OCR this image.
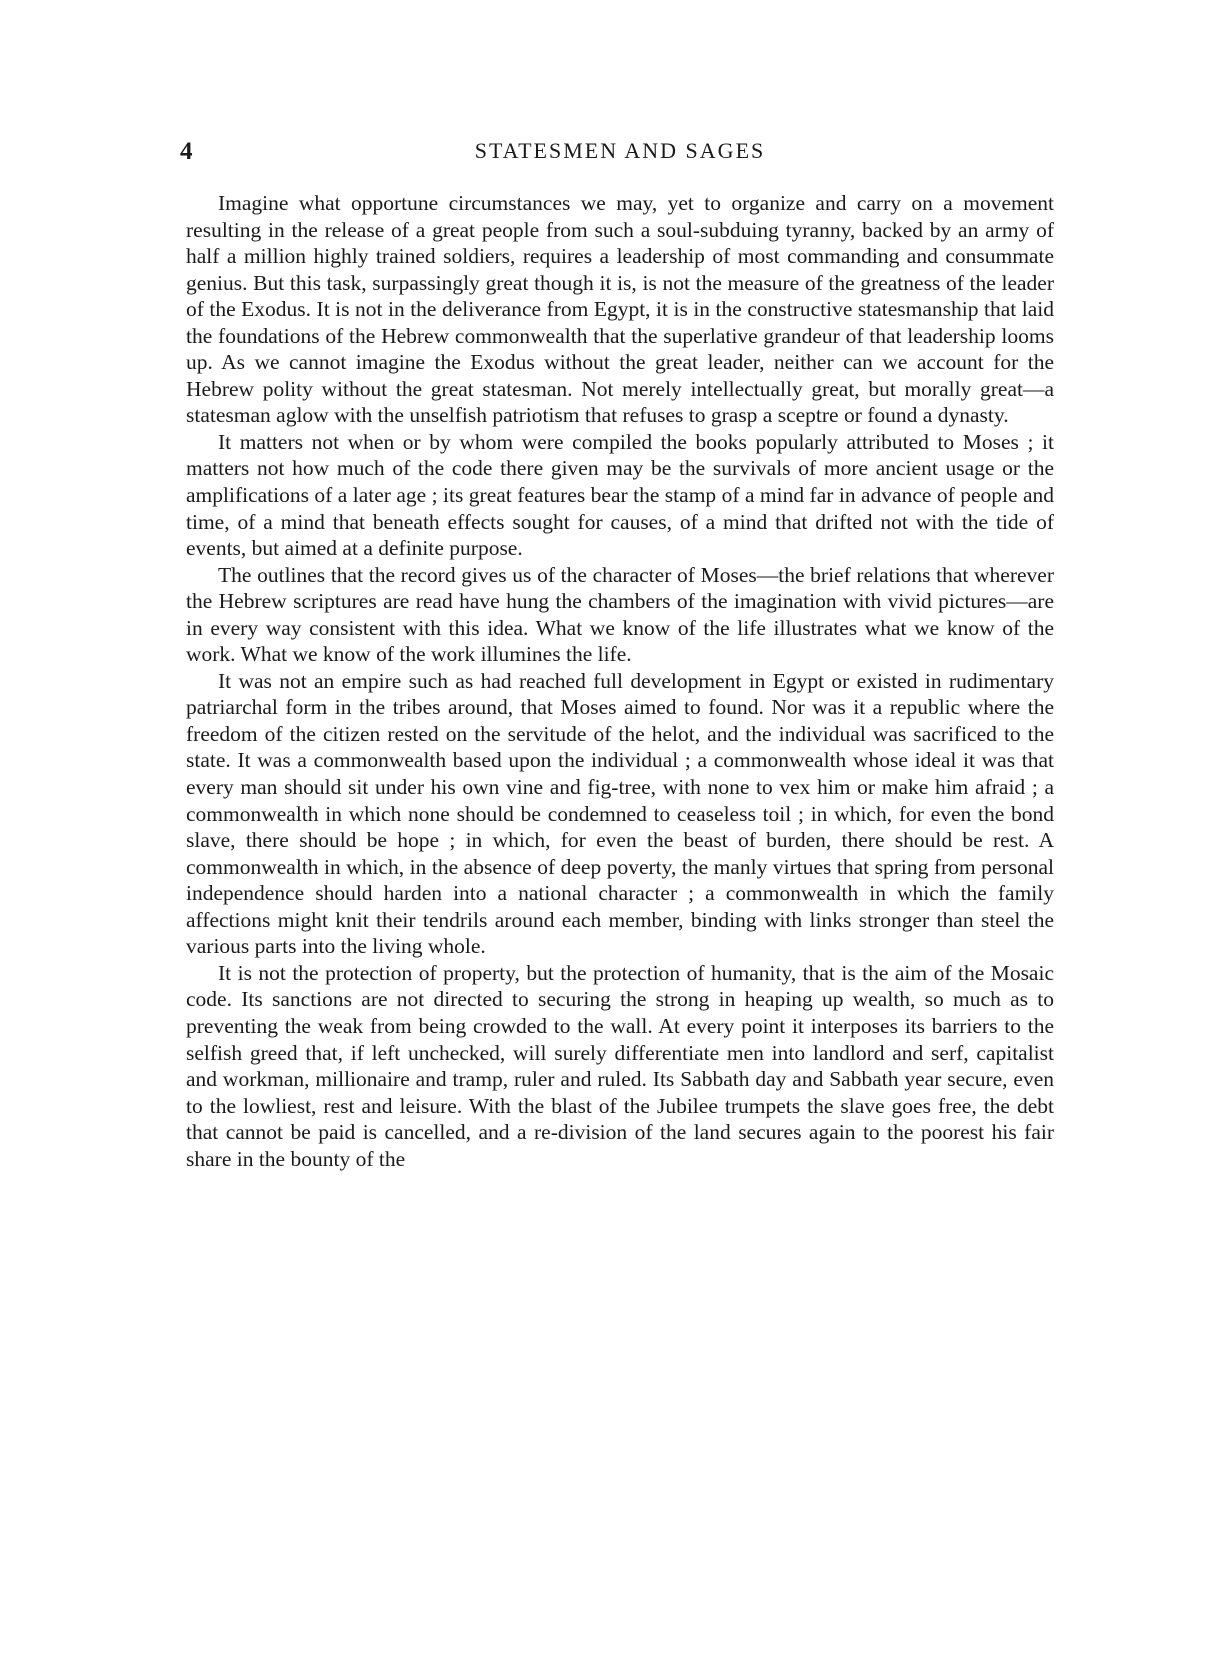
4	STATESMEN AND SAGES

Imagine what opportune circumstances we may, yet to organize and carry on a movement resulting in the release of a great people from such a soul-subduing tyranny, backed by an army of half a million highly trained soldiers, requires a leadership of most commanding and consummate genius. But this task, surpassingly great though it is, is not the measure of the greatness of the leader of the Exodus. It is not in the deliverance from Egypt, it is in the constructive statesmanship that laid the foundations of the Hebrew commonwealth that the superlative grandeur of that leadership looms up. As we cannot imagine the Exodus without the great leader, neither can we account for the Hebrew polity without the great statesman. Not merely intellectually great, but morally great—a statesman aglow with the unselfish patriotism that refuses to grasp a sceptre or found a dynasty.

It matters not when or by whom were compiled the books popularly attributed to Moses ; it matters not how much of the code there given may be the survivals of more ancient usage or the amplifications of a later age ; its great features bear the stamp of a mind far in advance of people and time, of a mind that beneath effects sought for causes, of a mind that drifted not with the tide of events, but aimed at a definite purpose.

The outlines that the record gives us of the character of Moses—the brief relations that wherever the Hebrew scriptures are read have hung the chambers of the imagination with vivid pictures—are in every way consistent with this idea. What we know of the life illustrates what we know of the work. What we know of the work illumines the life.

It was not an empire such as had reached full development in Egypt or existed in rudimentary patriarchal form in the tribes around, that Moses aimed to found. Nor was it a republic where the freedom of the citizen rested on the servitude of the helot, and the individual was sacrificed to the state. It was a commonwealth based upon the individual ; a commonwealth whose ideal it was that every man should sit under his own vine and fig-tree, with none to vex him or make him afraid ; a commonwealth in which none should be condemned to ceaseless toil ; in which, for even the bond slave, there should be hope ; in which, for even the beast of burden, there should be rest. A commonwealth in which, in the absence of deep poverty, the manly virtues that spring from personal independence should harden into a national character ; a commonwealth in which the family affections might knit their tendrils around each member, binding with links stronger than steel the various parts into the living whole.

It is not the protection of property, but the protection of humanity, that is the aim of the Mosaic code. Its sanctions are not directed to securing the strong in heaping up wealth, so much as to preventing the weak from being crowded to the wall. At every point it interposes its barriers to the selfish greed that, if left unchecked, will surely differentiate men into landlord and serf, capitalist and workman, millionaire and tramp, ruler and ruled. Its Sabbath day and Sabbath year secure, even to the lowliest, rest and leisure. With the blast of the Jubilee trumpets the slave goes free, the debt that cannot be paid is cancelled, and a re-division of the land secures again to the poorest his fair share in the bounty of the
